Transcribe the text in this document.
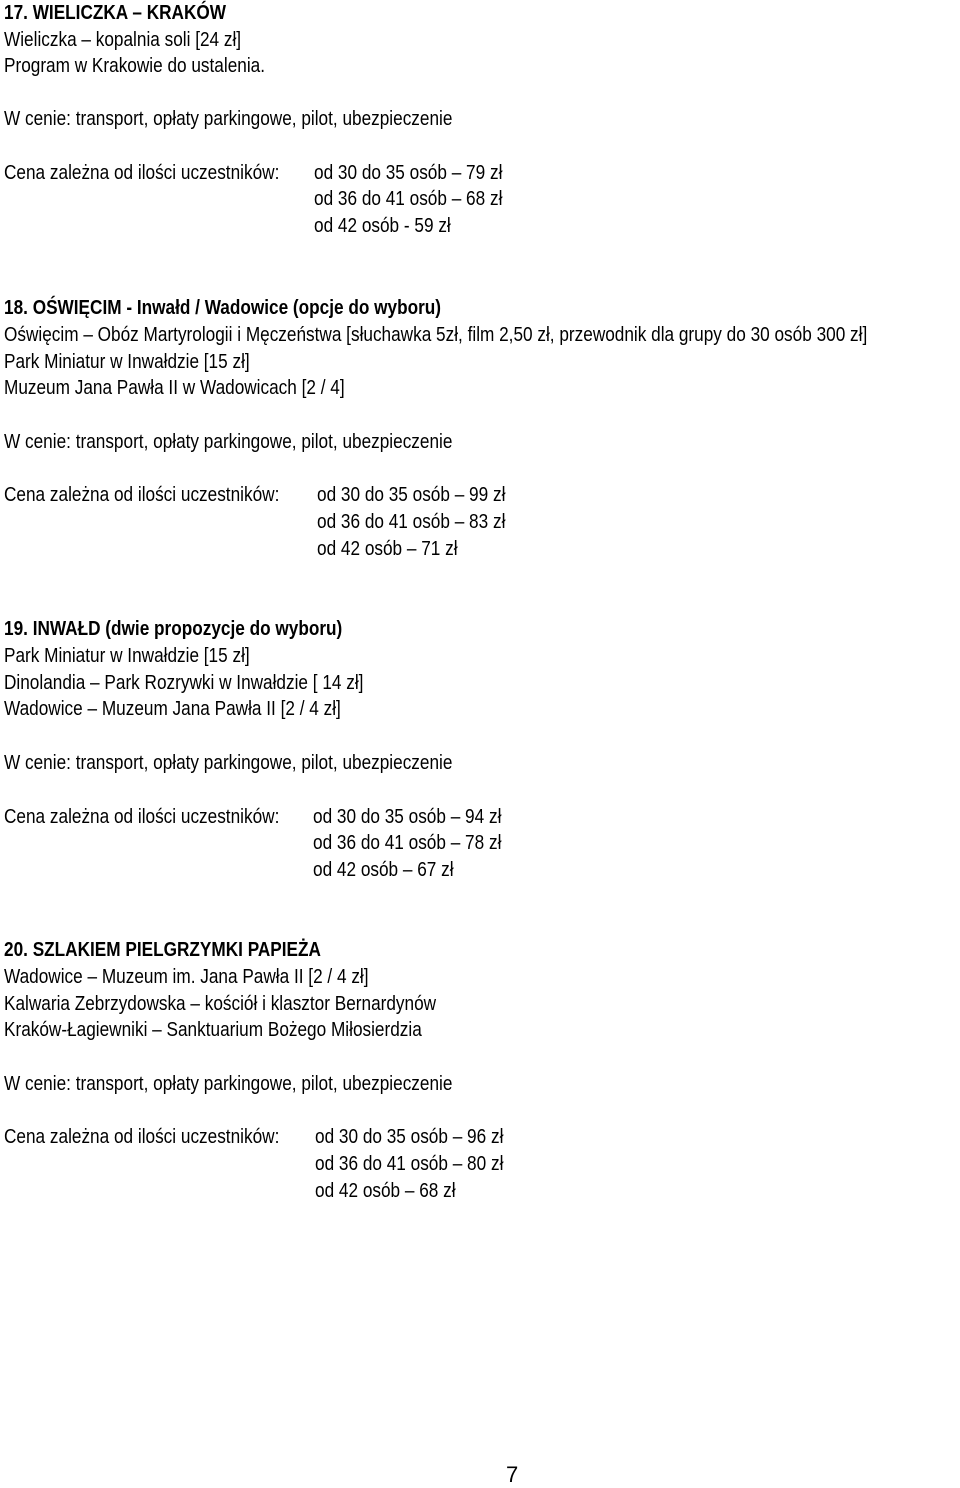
17. WIELICZKA – KRAKÓW
Wieliczka – kopalnia soli [24 zł]
Program w Krakowie do ustalenia.
W cenie: transport, opłaty parkingowe, pilot, ubezpieczenie
Cena zależna od ilości uczestników: od 30 do 35 osób – 79 zł
od 36 do 41 osób – 68 zł
od 42 osób - 59 zł
18. OŚWIĘCIM - Inwałd / Wadowice (opcje do wyboru)
Oświęcim – Obóz Martyrologii i Męczeństwa [słuchawka 5zł, film 2,50 zł, przewodnik dla grupy do 30 osób 300 zł]
Park Miniatur w Inwałdzie [15 zł]
Muzeum Jana Pawła II w Wadowicach [2 / 4]
W cenie: transport, opłaty parkingowe, pilot, ubezpieczenie
Cena zależna od ilości uczestników: od 30 do 35 osób – 99 zł
od 36 do 41 osób – 83 zł
od 42 osób – 71 zł
19. INWAŁD (dwie propozycje do wyboru)
Park Miniatur w Inwałdzie [15 zł]
Dinolandia – Park Rozrywki w Inwałdzie [ 14 zł]
Wadowice – Muzeum Jana Pawła II [2 / 4 zł]
W cenie: transport, opłaty parkingowe, pilot, ubezpieczenie
Cena zależna od ilości uczestników: od 30 do 35 osób – 94 zł
od 36 do 41 osób – 78 zł
od 42 osób – 67 zł
20. SZLAKIEM PIELGRZYMKI PAPIEŻA
Wadowice – Muzeum im. Jana Pawła II [2 / 4 zł]
Kalwaria Zebrzydowska – kościół i klasztor Bernardynów
Kraków-Łagiewniki – Sanktuarium Bożego Miłosierdzia
W cenie: transport, opłaty parkingowe, pilot, ubezpieczenie
Cena zależna od ilości uczestników: od 30 do 35 osób – 96 zł
od 36 do 41 osób – 80 zł
od 42 osób – 68 zł
7
